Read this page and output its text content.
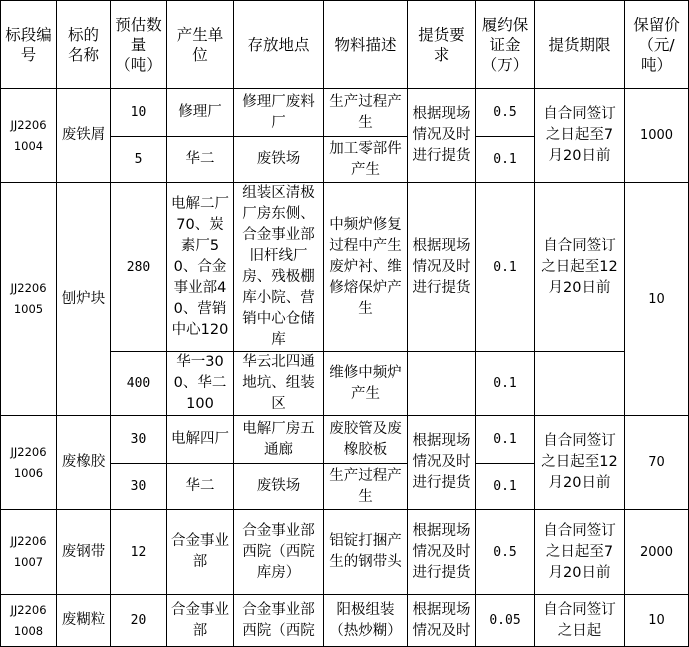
标段编号	标的名称	预估数量（吨）	产生单位	存放地点	物料描述	提货要求	履约保证金（万）	提货期限	保留价（元/吨）

JJ2206
1004	废铁屑	10	修理厂	修理厂废料厂	生产过程产生	根据现场情况及时进行提货	0.5	自合同签订之日起至7月20日前	1000
		5	华二	废铁场	加工零部件产生		0.1		

JJ2206
1005	刨炉块	280	电解二厂70、炭素厂50、合金事业部40、营销中心120	组装区清极厂房东侧、合金事业部旧杆线厂房、残极棚库小院、营销中心仓储库	中频炉修复过程中产生废炉衬、维修熔保炉产生	根据现场情况及时进行提货	0.1	自合同签订之日起至12月20日前	10
		400	华一300、华二100	华云北四通地坑、组装区	维修中频炉产生		0.1		

JJ2206
1006	废橡胶	30	电解四厂	电解厂房五通廊	废胶管及废橡胶板	根据现场情况及时进行提货	0.1	自合同签订之日起至12月20日前	70
		30	华二	废铁场	生产过程产生		0.1		

JJ2206
1007	废钢带	12	合金事业部	合金事业部西院（西院库房）	铝锭打捆产生的钢带头	根据现场情况及时进行提货	0.5	自合同签订之日起至7月20日前	2000

JJ2206
1008	废糊粒	20	合金事业部	合金事业部西院（西院	阳极组装（热炒糊）	根据现场情况及时	0.05	自合同签订之日起	10
